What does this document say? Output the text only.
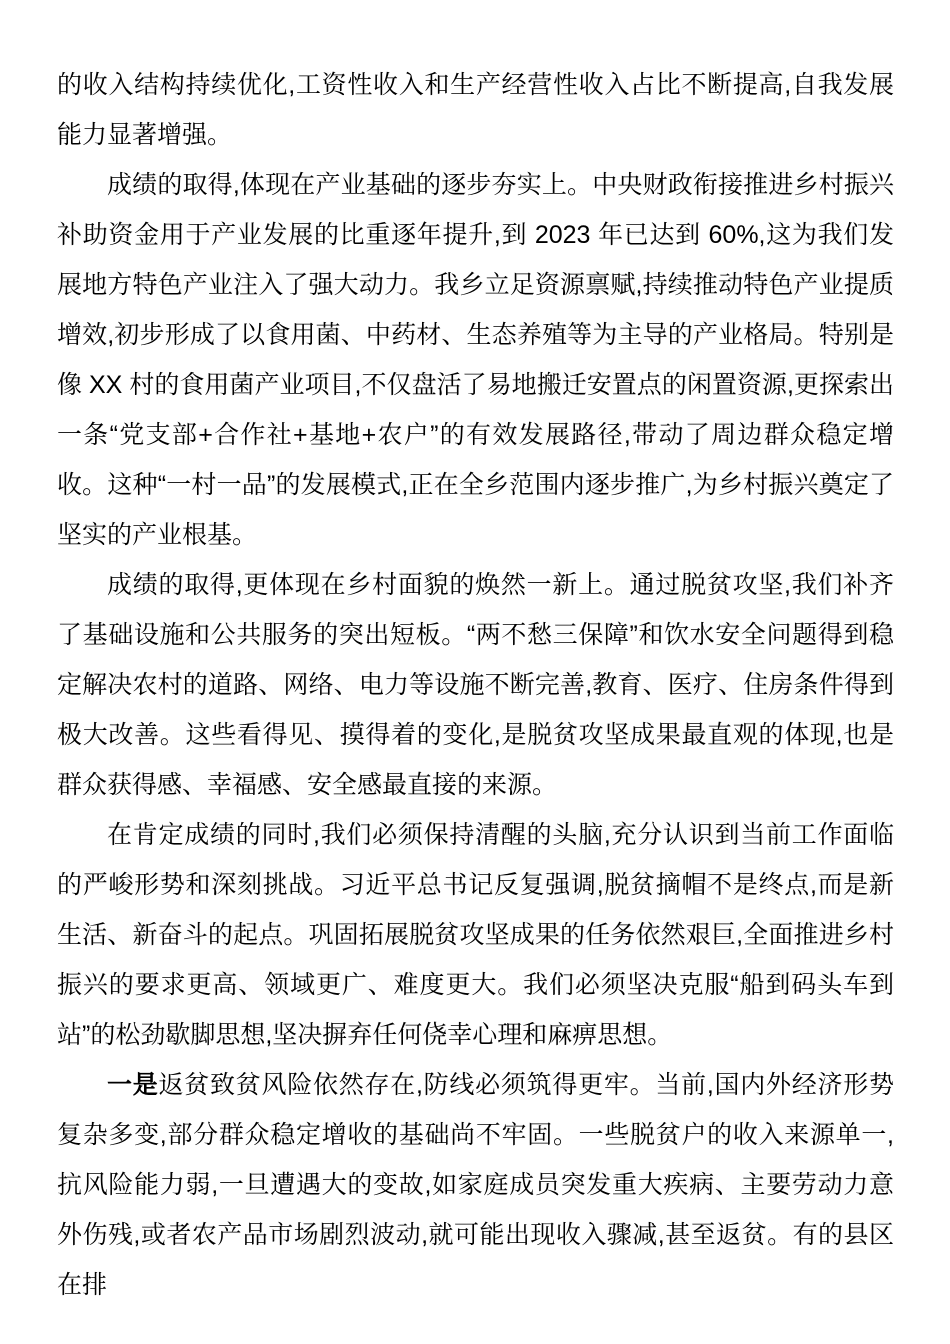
的收入结构持续优化,工资性收入和生产经营性收入占比不断提高,自我发展能力显著增强。

成绩的取得,体现在产业基础的逐步夯实上。中央财政衔接推进乡村振兴补助资金用于产业发展的比重逐年提升,到 2023 年已达到 60%,这为我们发展地方特色产业注入了强大动力。我乡立足资源禀赋,持续推动特色产业提质增效,初步形成了以食用菌、中药材、生态养殖等为主导的产业格局。特别是像 XX 村的食用菌产业项目,不仅盘活了易地搬迁安置点的闲置资源,更探索出一条“党支部+合作社+基地+农户”的有效发展路径,带动了周边群众稳定增收。这种“一村一品”的发展模式,正在全乡范围内逐步推广,为乡村振兴奠定了坚实的产业根基。

成绩的取得,更体现在乡村面貌的焕然一新上。通过脱贫攻坚,我们补齐了基础设施和公共服务的突出短板。“两不愁三保障”和饮水安全问题得到稳定解决农村的道路、网络、电力等设施不断完善,教育、医疗、住房条件得到极大改善。这些看得见、摸得着的变化,是脱贫攻坚成果最直观的体现,也是群众获得感、幸福感、安全感最直接的来源。

在肯定成绩的同时,我们必须保持清醒的头脑,充分认识到当前工作面临的严峻形势和深刻挑战。习近平总书记反复强调,脱贫摘帽不是终点,而是新生活、新奋斗的起点。巩固拓展脱贫攻坚成果的任务依然艰巨,全面推进乡村振兴的要求更高、领域更广、难度更大。我们必须坚决克服“船到码头车到站”的松劲歇脚思想,坚决摒弃任何侥幸心理和麻痹思想。

一是返贫致贫风险依然存在,防线必须筑得更牢。当前,国内外经济形势复杂多变,部分群众稳定增收的基础尚不牢固。一些脱贫户的收入来源单一,抗风险能力弱,一旦遭遇大的变故,如家庭成员突发重大疾病、主要劳动力意外伤残,或者农产品市场剧烈波动,就可能出现收入骤减,甚至返贫。有的县区在排
